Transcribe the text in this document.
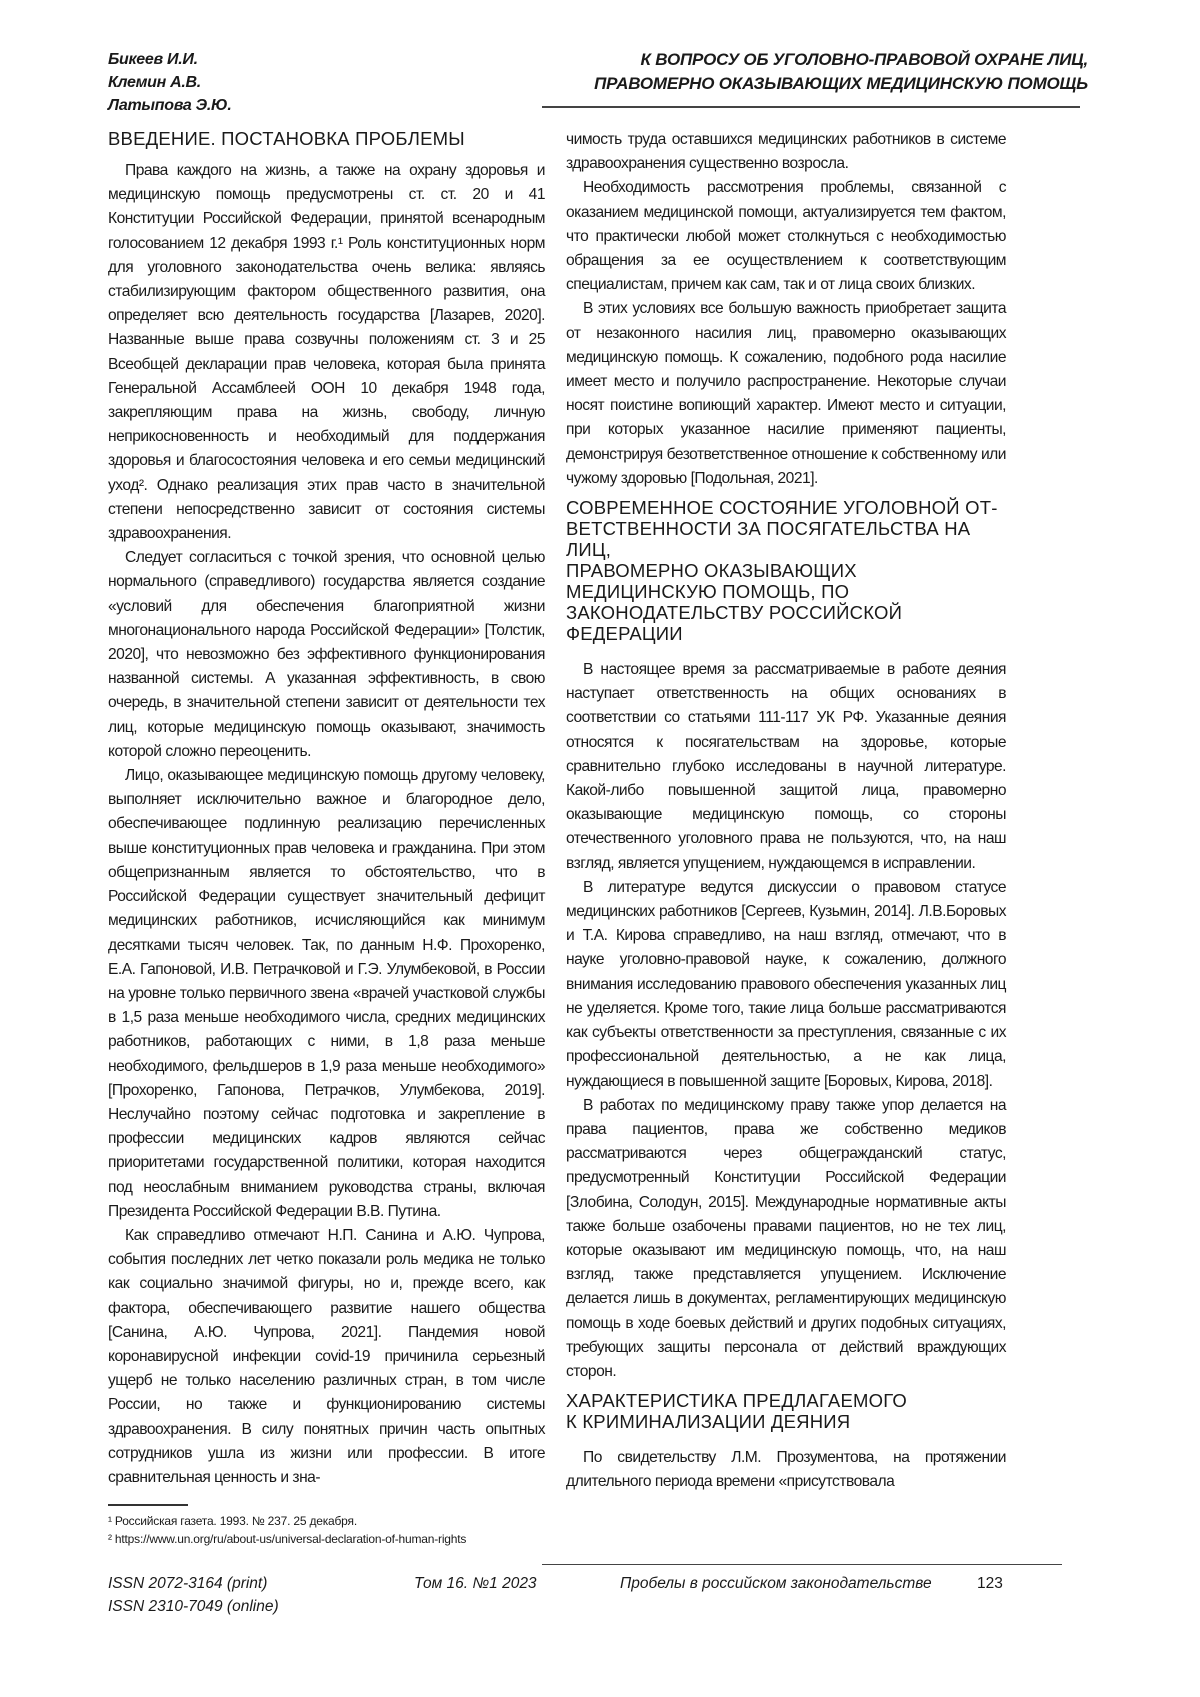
Бикеев И.И.
Клемин А.В.
Латыпова Э.Ю.
К ВОПРОСУ ОБ УГОЛОВНО-ПРАВОВОЙ ОХРАНЕ ЛИЦ,
ПРАВОМЕРНО ОКАЗЫВАЮЩИХ МЕДИЦИНСКУЮ ПОМОЩЬ
ВВЕДЕНИЕ. ПОСТАНОВКА ПРОБЛЕМЫ

Права каждого на жизнь, а также на охрану здоровья и медицинскую помощь предусмотрены ст. ст. 20 и 41 Конституции Российской Федерации, принятой всенародным голосованием 12 декабря 1993 г.¹ Роль конституционных норм для уголовного законодательства очень велика: являясь стабилизирующим фактором общественного развития, она определяет всю деятельность государства [Лазарев, 2020]. Названные выше права созвучны положениям ст. 3 и 25 Всеобщей декларации прав человека, которая была принята Генеральной Ассамблеей ООН 10 декабря 1948 года, закрепляющим права на жизнь, свободу, личную неприкосновенность и необходимый для поддержания здоровья и благосостояния человека и его семьи медицинский уход². Однако реализация этих прав часто в значительной степени непосредственно зависит от состояния системы здравоохранения.

Следует согласиться с точкой зрения, что основной целью нормального (справедливого) государства является создание «условий для обеспечения благоприятной жизни многонационального народа Российской Федерации» [Толстик, 2020], что невозможно без эффективного функционирования названной системы. А указанная эффективность, в свою очередь, в значительной степени зависит от деятельности тех лиц, которые медицинскую помощь оказывают, значимость которой сложно переоценить.

Лицо, оказывающее медицинскую помощь другому человеку, выполняет исключительно важное и благородное дело, обеспечивающее подлинную реализацию перечисленных выше конституционных прав человека и гражданина. При этом общепризнанным является то обстоятельство, что в Российской Федерации существует значительный дефицит медицинских работников, исчисляющийся как минимум десятками тысяч человек. Так, по данным Н.Ф. Прохоренко, Е.А. Гапоновой, И.В. Петрачковой и Г.Э. Улумбековой, в России на уровне только первичного звена «врачей участковой службы в 1,5 раза меньше необходимого числа, средних медицинских работников, работающих с ними, в 1,8 раза меньше необходимого, фельдшеров в 1,9 раза меньше необходимого» [Прохоренко, Гапонова, Петрачков, Улумбекова, 2019]. Неслучайно поэтому сейчас подготовка и закрепление в профессии медицинских кадров являются сейчас приоритетами государственной политики, которая находится под неослабным вниманием руководства страны, включая Президента Российской Федерации В.В. Путина.

Как справедливо отмечают Н.П. Санина и А.Ю. Чупрова, события последних лет четко показали роль медика не только как социально значимой фигуры, но и, прежде всего, как фактора, обеспечивающего развитие нашего общества [Санина, А.Ю. Чупрова, 2021]. Пандемия новой коронавирусной инфекции covid-19 причинила серьезный ущерб не только населению различных стран, в том числе России, но также и функционированию системы здравоохранения. В силу понятных причин часть опытных сотрудников ушла из жизни или профессии. В итоге сравнительная ценность и зна-

¹ Российская газета. 1993. № 237. 25 декабря.
² https://www.un.org/ru/about-us/universal-declaration-of-human-rights

чимость труда оставшихся медицинских работников в системе здравоохранения существенно возросла.

Необходимость рассмотрения проблемы, связанной с оказанием медицинской помощи, актуализируется тем фактом, что практически любой может столкнуться с необходимостью обращения за ее осуществлением к соответствующим специалистам, причем как сам, так и от лица своих близких.

В этих условиях все большую важность приобретает защита от незаконного насилия лиц, правомерно оказывающих медицинскую помощь. К сожалению, подобного рода насилие имеет место и получило распространение. Некоторые случаи носят поистине вопиющий характер. Имеют место и ситуации, при которых указанное насилие применяют пациенты, демонстрируя безответственное отношение к собственному или чужому здоровью [Подольная, 2021].

СОВРЕМЕННОЕ СОСТОЯНИЕ УГОЛОВНОЙ ОТ-
ВЕТСТВЕННОСТИ ЗА ПОСЯГАТЕЛЬСТВА НА ЛИЦ,
ПРАВОМЕРНО ОКАЗЫВАЮЩИХ
МЕДИЦИНСКУЮ ПОМОЩЬ, ПО
ЗАКОНОДАТЕЛЬСТВУ РОССИЙСКОЙ
ФЕДЕРАЦИИ

В настоящее время за рассматриваемые в работе деяния наступает ответственность на общих основаниях в соответствии со статьями 111-117 УК РФ. Указанные деяния относятся к посягательствам на здоровье, которые сравнительно глубоко исследованы в научной литературе. Какой-либо повышенной защитой лица, правомерно оказывающие медицинскую помощь, со стороны отечественного уголовного права не пользуются, что, на наш взгляд, является упущением, нуждающемся в исправлении.

В литературе ведутся дискуссии о правовом статусе медицинских работников [Сергеев, Кузьмин, 2014]. Л.В.Боровых и Т.А. Кирова справедливо, на наш взгляд, отмечают, что в науке уголовно-правовой науке, к сожалению, должного внимания исследованию правового обеспечения указанных лиц не уделяется. Кроме того, такие лица больше рассматриваются как субъекты ответственности за преступления, связанные с их профессиональной деятельностью, а не как лица, нуждающиеся в повышенной защите [Боровых, Кирова, 2018].

В работах по медицинскому праву также упор делается на права пациентов, права же собственно медиков рассматриваются через общегражданский статус, предусмотренный Конституции Российской Федерации [Злобина, Солодун, 2015]. Международные нормативные акты также больше озабочены правами пациентов, но не тех лиц, которые оказывают им медицинскую помощь, что, на наш взгляд, также представляется упущением. Исключение делается лишь в документах, регламентирующих медицинскую помощь в ходе боевых действий и других подобных ситуациях, требующих защиты персонала от действий враждующих сторон.

ХАРАКТЕРИСТИКА ПРЕДЛАГАЕМОГО
К КРИМИНАЛИЗАЦИИ ДЕЯНИЯ

По свидетельству Л.М. Прозументова, на протяжении длительного периода времени «присутствовала

ISSN 2072-3164 (print)
ISSN 2310-7049 (online)
Том 16. №1 2023	Пробелы в российском законодательстве	123
